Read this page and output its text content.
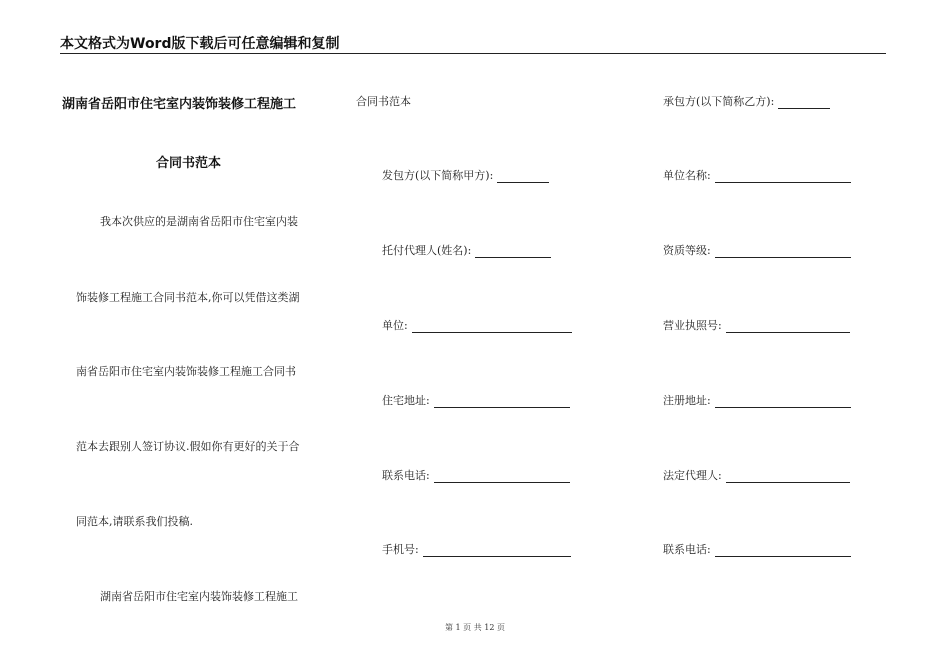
本文格式为Word版下载后可任意编辑和复制
湖南省岳阳市住宅室内装饰装修工程施工
合同书范本
我本次供应的是湖南省岳阳市住宅室内装
饰装修工程施工合同书范本,你可以凭借这类湖
南省岳阳市住宅室内装饰装修工程施工合同书
范本去跟别人签订协议.假如你有更好的关于合
同范本,请联系我们投稿.
湖南省岳阳市住宅室内装饰装修工程施工
合同书范本
发包方(以下简称甲方):
托付代理人(姓名):
单位:
住宅地址:
联系电话:
手机号:
承包方(以下简称乙方):
单位名称:
资质等级:
营业执照号:
注册地址:
法定代理人:
联系电话:
第 1 页 共 12 页
